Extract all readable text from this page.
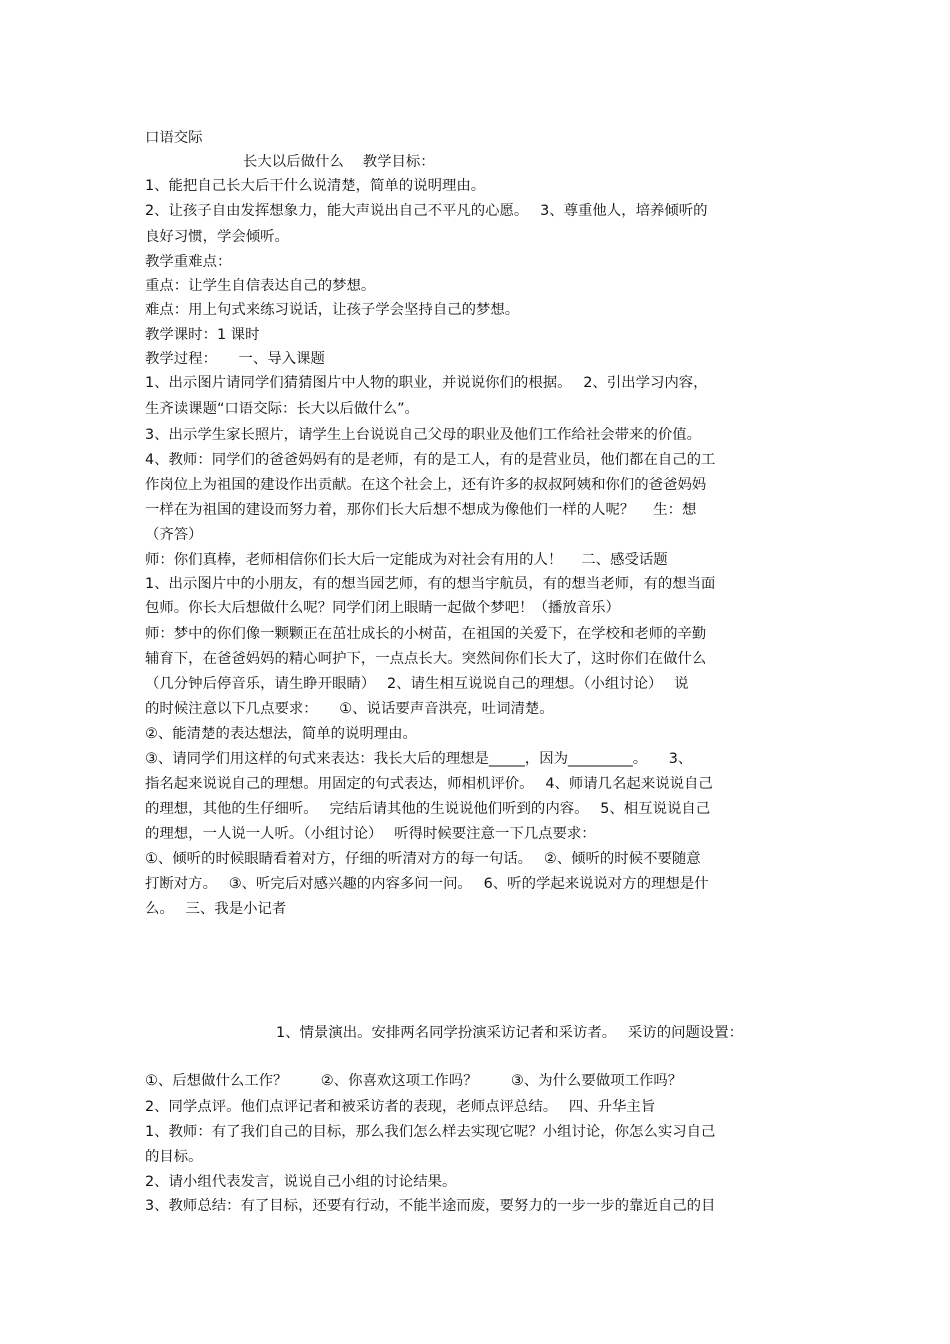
口语交际

长大以后做什么　 教学目标：

1、能把自己长大后干什么说清楚，简单的说明理由。

2、让孩子自由发挥想象力，能大声说出自己不平凡的心愿。　 3、尊重他人，培养倾听的

良好习惯，学会倾听。

教学重难点：

重点：让学生自信表达自己的梦想。

难点：用上句式来练习说话，让孩子学会坚持自己的梦想。

教学课时：1 课时

教学过程：　　一、导入课题

1、出示图片请同学们猜猜图片中人物的职业，并说说你们的根据。　 2、引出学习内容，

生齐读课题“口语交际：长大以后做什么”。

3、出示学生家长照片，请学生上台说说自己父母的职业及他们工作给社会带来的价值。

4、教师：同学们的爸爸妈妈有的是老师，有的是工人，有的是营业员，他们都在自己的工

作岗位上为祖国的建设作出贡献。在这个社会上，还有许多的叔叔阿姨和你们的爸爸妈妈

一样在为祖国的建设而努力着，那你们长大后想不想成为像他们一样的人呢？　 生：想

（齐答）

师：你们真棒，老师相信你们长大后一定能成为对社会有用的人！　 二、感受话题

1、出示图片中的小朋友，有的想当园艺师，有的想当宇航员，有的想当老师，有的想当面

包师。你长大后想做什么呢？同学们闭上眼睛一起做个梦吧！（播放音乐）

师：梦中的你们像一颗颗正在茁壮成长的小树苗，在祖国的关爱下，在学校和老师的辛勤

辅育下，在爸爸妈妈的精心呵护下，一点点长大。突然间你们长大了，这时你们在做什么

（几分钟后停音乐，请生睁开眼睛）　 2、请生相互说说自己的理想。（小组讨论）　 说

的时候注意以下几点要求：　　①、说话要声音洪亮，吐词清楚。

②、能清楚的表达想法，简单的说明理由。

③、请同学们用这样的句式来表达：我长大后的理想是_____，因为_________。　　3、

指名起来说说自己的理想。用固定的句式表达，师相机评价。　 4、师请几名起来说说自己

的理想，其他的生仔细听。　 完结后请其他的生说说他们听到的内容。　 5、相互说说自己

的理想，一人说一人听。（小组讨论）　 听得时候要注意一下几点要求：

①、倾听的时候眼睛看着对方，仔细的听清对方的每一句话。　 ②、倾听的时候不要随意

打断对方。　 ③、听完后对感兴趣的内容多问一问。　 6、听的学起来说说对方的理想是什

么。　 三、我是小记者

1、情景演出。安排两名同学扮演采访记者和采访者。　 采访的问题设置：

①、后想做什么工作？　　 ②、你喜欢这项工作吗？　　 ③、为什么要做项工作吗？

2、同学点评。他们点评记者和被采访者的表现，老师点评总结。　 四、升华主旨

1、教师：有了我们自己的目标，那么我们怎么样去实现它呢？小组讨论，你怎么实习自己

的目标。

2、请小组代表发言，说说自己小组的讨论结果。

3、教师总结：有了目标，还要有行动，不能半途而废，要努力的一步一步的靠近自己的目
